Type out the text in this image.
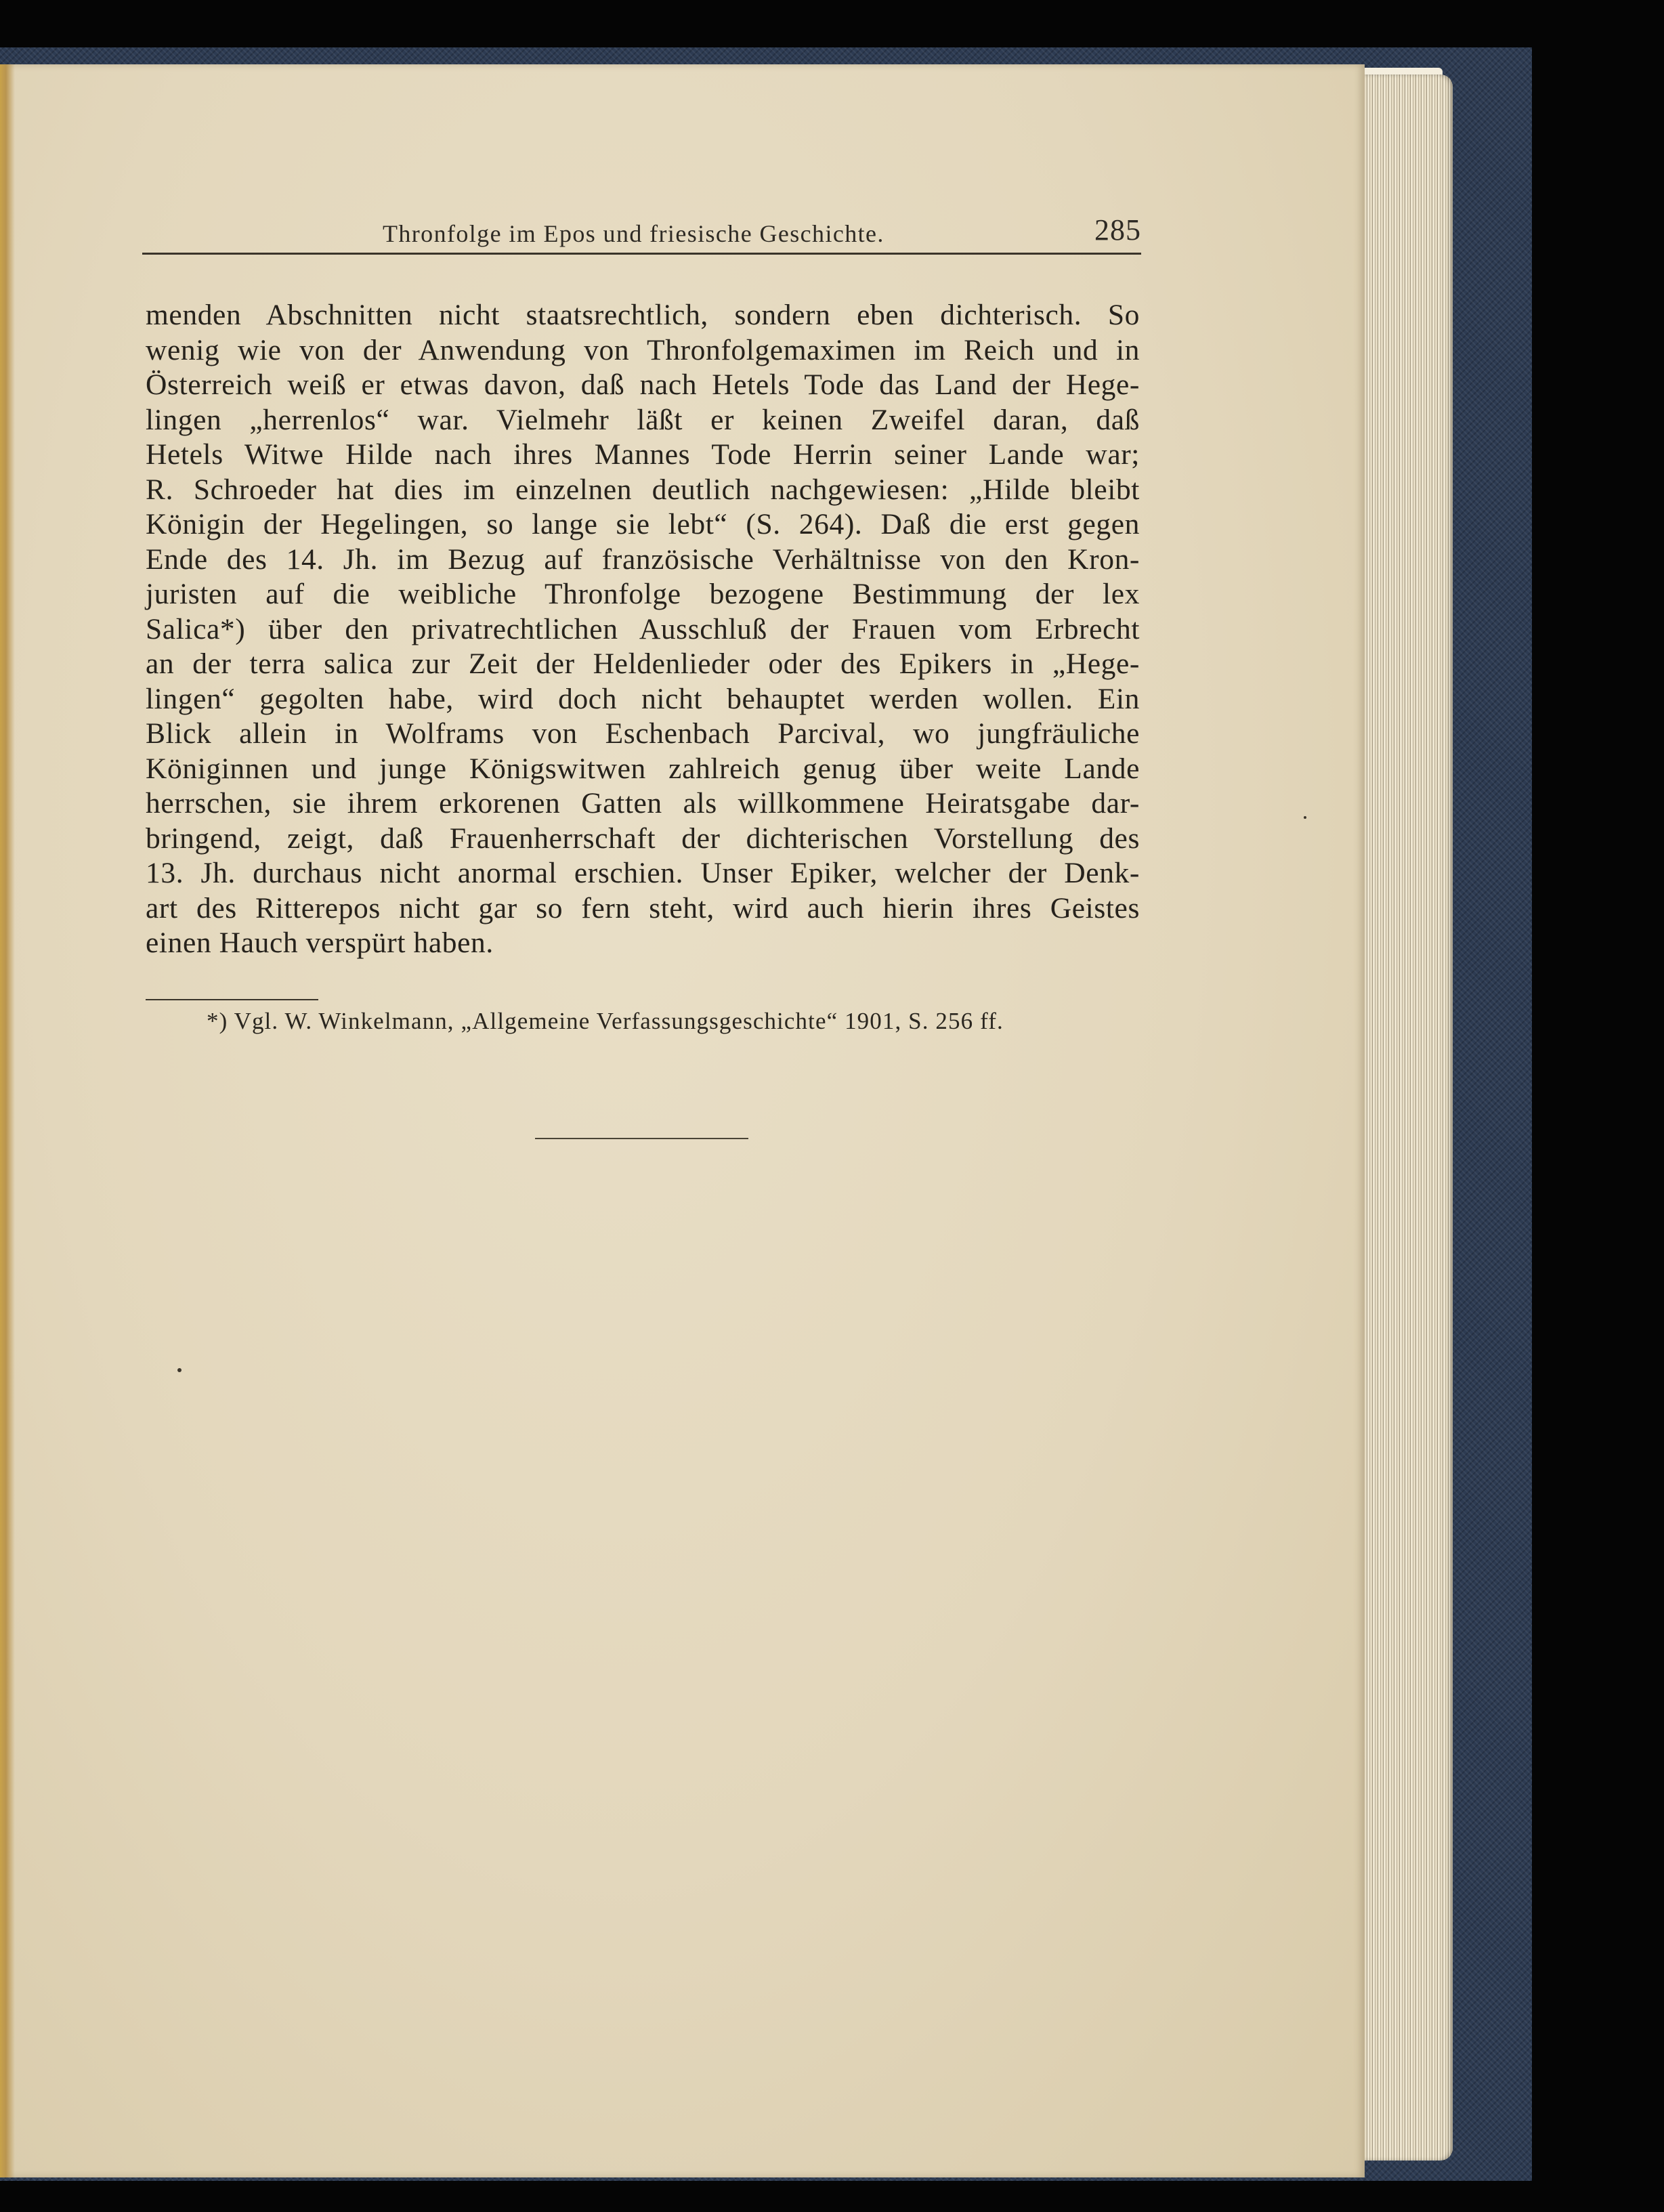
Thronfolge im Epos und friesische Geschichte.	285
menden Abschnitten nicht staatsrechtlich, sondern eben dichterisch. So
wenig wie von der Anwendung von Thronfolgemaximen im Reich und in
Österreich weiß er etwas davon, daß nach Hetels Tode das Land der Hege-
lingen „herrenlos“ war. Vielmehr läßt er keinen Zweifel daran, daß
Hetels Witwe Hilde nach ihres Mannes Tode Herrin seiner Lande war;
R. Schroeder hat dies im einzelnen deutlich nachgewiesen: „Hilde bleibt
Königin der Hegelingen, so lange sie lebt“ (S. 264). Daß die erst gegen
Ende des 14. Jh. im Bezug auf französische Verhältnisse von den Kron-
juristen auf die weibliche Thronfolge bezogene Bestimmung der lex
Salica*) über den privatrechtlichen Ausschluß der Frauen vom Erbrecht
an der terra salica zur Zeit der Heldenlieder oder des Epikers in „Hege-
lingen“ gegolten habe, wird doch nicht behauptet werden wollen. Ein
Blick allein in Wolframs von Eschenbach Parcival, wo jungfräuliche
Königinnen und junge Königswitwen zahlreich genug über weite Lande
herrschen, sie ihrem erkorenen Gatten als willkommene Heiratsgabe dar-
bringend, zeigt, daß Frauenherrschaft der dichterischen Vorstellung des
13. Jh. durchaus nicht anormal erschien. Unser Epiker, welcher der Denk-
art des Ritterepos nicht gar so fern steht, wird auch hierin ihres Geistes
einen Hauch verspürt haben.
*) Vgl. W. Winkelmann, „Allgemeine Verfassungsgeschichte“ 1901, S. 256 ff.
